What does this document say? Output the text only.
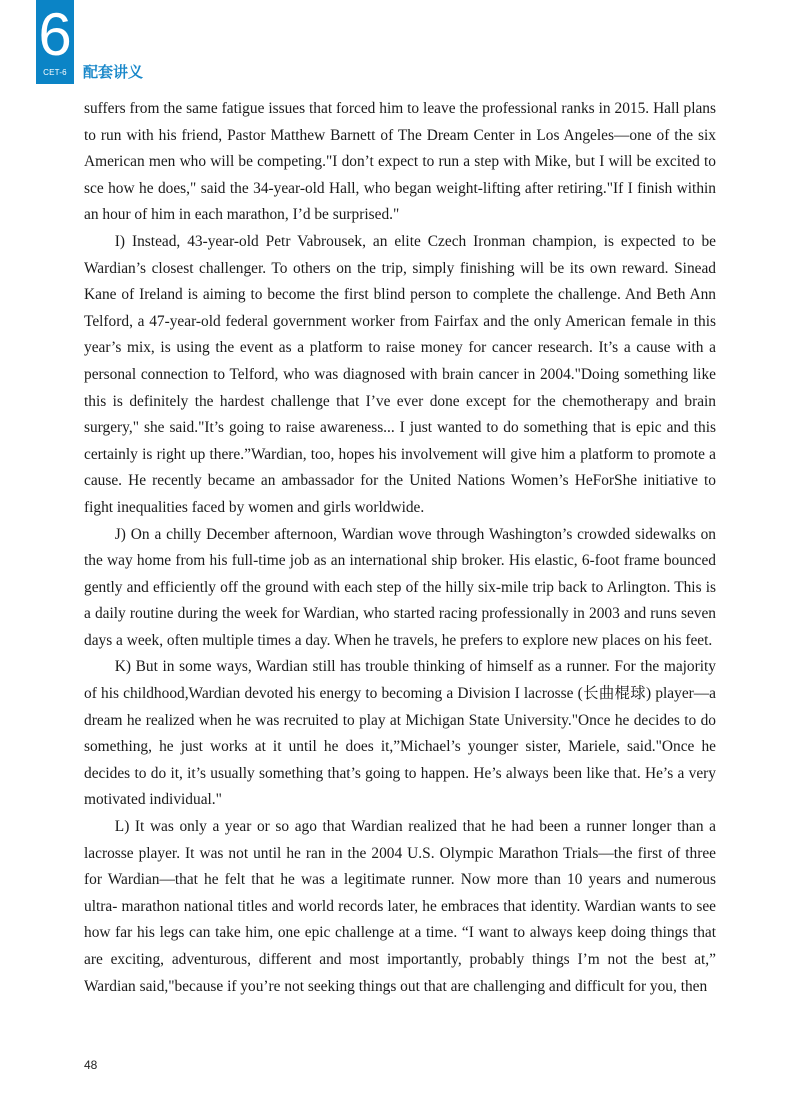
6
CET-6	配套讲义

suffers from the same fatigue issues that forced him to leave the professional ranks in 2015. Hall plans to run with his friend, Pastor Matthew Barnett of The Dream Center in Los Angeles—one of the six American men who will be competing."I don’t expect to run a step with Mike, but I will be excited to sce how he does," said the 34-year-old Hall, who began weight-lifting after retiring."If I finish within an hour of him in each marathon, I’d be surprised."

I) Instead, 43-year-old Petr Vabrousek, an elite Czech Ironman champion, is expected to be Wardian’s closest challenger. To others on the trip, simply finishing will be its own reward. Sinead Kane of Ireland is aiming to become the first blind person to complete the challenge. And Beth Ann Telford, a 47-year-old federal government worker from Fairfax and the only American female in this year’s mix, is using the event as a platform to raise money for cancer research. It’s a cause with a personal connection to Telford, who was diagnosed with brain cancer in 2004."Doing something like this is definitely the hardest challenge that I’ve ever done except for the chemotherapy and brain surgery," she said."It’s going to raise awareness... I just wanted to do something that is epic and this certainly is right up there.”Wardian, too, hopes his involvement will give him a platform to promote a cause. He recently became an ambassador for the United Nations Women’s HeForShe initiative to fight inequalities faced by women and girls worldwide.

J) On a chilly December afternoon, Wardian wove through Washington’s crowded sidewalks on the way home from his full-time job as an international ship broker. His elastic, 6-foot frame bounced gently and efficiently off the ground with each step of the hilly six-mile trip back to Arlington. This is a daily routine during the week for Wardian, who started racing professionally in 2003 and runs seven days a week, often multiple times a day. When he travels, he prefers to explore new places on his feet.

K) But in some ways, Wardian still has trouble thinking of himself as a runner. For the majority of his childhood,Wardian devoted his energy to becoming a Division I lacrosse (长曲棍球) player—a dream he realized when he was recruited to play at Michigan State University."Once he decides to do something, he just works at it until he does it,”Michael’s younger sister, Mariele, said."Once he decides to do it, it’s usually something that’s going to happen. He’s always been like that. He’s a very motivated individual."

L) It was only a year or so ago that Wardian realized that he had been a runner longer than a lacrosse player. It was not until he ran in the 2004 U.S. Olympic Marathon Trials—the first of three for Wardian—that he felt that he was a legitimate runner. Now more than 10 years and numerous ultra- marathon national titles and world records later, he embraces that identity. Wardian wants to see how far his legs can take him, one epic challenge at a time. “I want to always keep doing things that are exciting, adventurous, different and most importantly, probably things I’m not the best at,” Wardian said,"because if you’re not seeking things out that are challenging and difficult for you, then

48
